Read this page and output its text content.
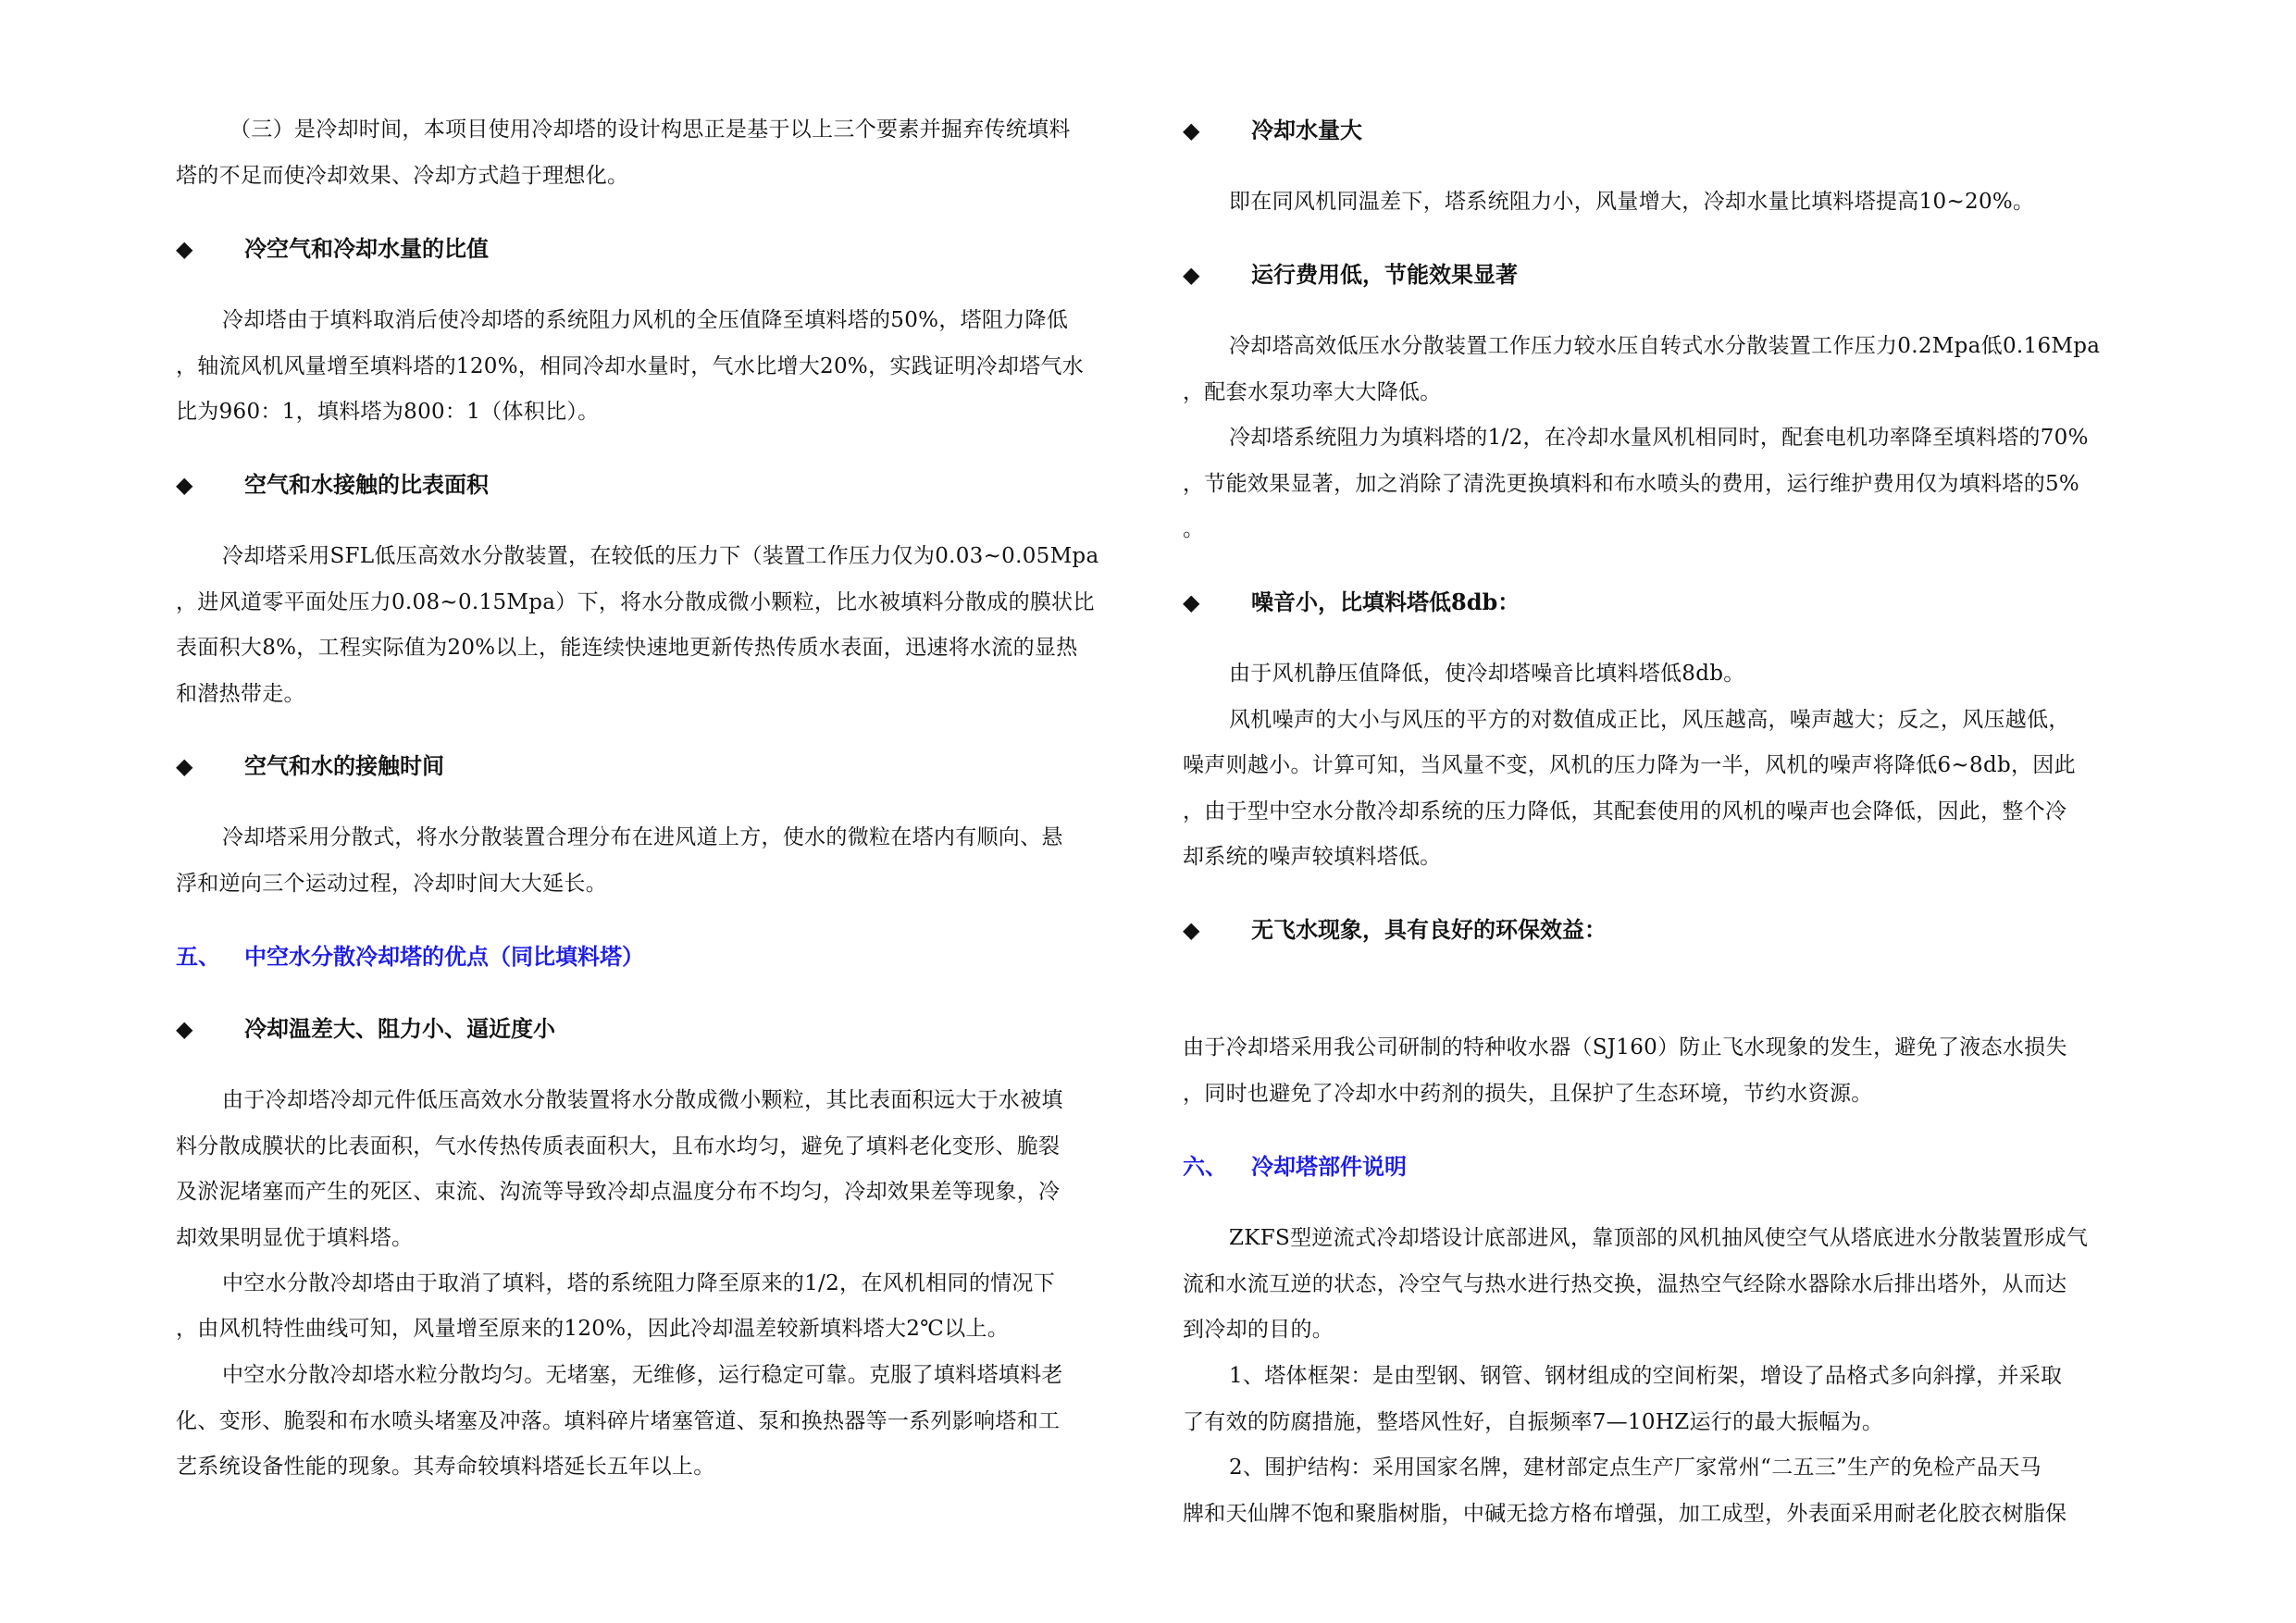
（三）是冷却时间，本项目使用冷却塔的设计构思正是基于以上三个要素并掘弃传统填料
塔的不足而使冷却效果、冷却方式趋于理想化。
◆ 冷空气和冷却水量的比值
冷却塔由于填料取消后使冷却塔的系统阻力风机的全压值降至填料塔的50%，塔阻力降低
，轴流风机风量增至填料塔的120%，相同冷却水量时，气水比增大20%，实践证明冷却塔气水
比为960：1，填料塔为800：1（体积比）。
◆ 空气和水接触的比表面积
冷却塔采用SFL低压高效水分散装置，在较低的压力下（装置工作压力仅为0.03~0.05Mpa
，进风道零平面处压力0.08~0.15Mpa）下，将水分散成微小颗粒，比水被填料分散成的膜状比
表面积大8%，工程实际值为20%以上，能连续快速地更新传热传质水表面，迅速将水流的显热
和潜热带走。
◆ 空气和水的接触时间
冷却塔采用分散式，将水分散装置合理分布在进风道上方，使水的微粒在塔内有顺向、悬
浮和逆向三个运动过程，冷却时间大大延长。
五、 中空水分散冷却塔的优点（同比填料塔）
◆ 冷却温差大、阻力小、逼近度小
由于冷却塔冷却元件低压高效水分散装置将水分散成微小颗粒，其比表面积远大于水被填
料分散成膜状的比表面积，气水传热传质表面积大，且布水均匀，避免了填料老化变形、脆裂
及淤泥堵塞而产生的死区、束流、沟流等导致冷却点温度分布不均匀，冷却效果差等现象，冷
却效果明显优于填料塔。
中空水分散冷却塔由于取消了填料，塔的系统阻力降至原来的1/2，在风机相同的情况下
，由风机特性曲线可知，风量增至原来的120%，因此冷却温差较新填料塔大2℃以上。
中空水分散冷却塔水粒分散均匀。无堵塞，无维修，运行稳定可靠。克服了填料塔填料老
化、变形、脆裂和布水喷头堵塞及冲落。填料碎片堵塞管道、泵和换热器等一系列影响塔和工
艺系统设备性能的现象。其寿命较填料塔延长五年以上。
◆ 冷却水量大
即在同风机同温差下，塔系统阻力小，风量增大，冷却水量比填料塔提高10~20%。
◆ 运行费用低，节能效果显著
冷却塔高效低压水分散装置工作压力较水压自转式水分散装置工作压力0.2Mpa低0.16Mpa
，配套水泵功率大大降低。
冷却塔系统阻力为填料塔的1/2，在冷却水量风机相同时，配套电机功率降至填料塔的70%
，节能效果显著，加之消除了清洗更换填料和布水喷头的费用，运行维护费用仅为填料塔的5%
。
◆ 噪音小，比填料塔低8db：
由于风机静压值降低，使冷却塔噪音比填料塔低8db。
风机噪声的大小与风压的平方的对数值成正比，风压越高，噪声越大；反之，风压越低，
噪声则越小。计算可知，当风量不变，风机的压力降为一半，风机的噪声将降低6~8db，因此
，由于型中空水分散冷却系统的压力降低，其配套使用的风机的噪声也会降低，因此，整个冷
却系统的噪声较填料塔低。
◆ 无飞水现象，具有良好的环保效益：
由于冷却塔采用我公司研制的特种收水器（SJ160）防止飞水现象的发生，避免了液态水损失
，同时也避免了冷却水中药剂的损失，且保护了生态环境，节约水资源。
六、 冷却塔部件说明
ZKFS型逆流式冷却塔设计底部进风，靠顶部的风机抽风使空气从塔底进水分散装置形成气
流和水流互逆的状态，冷空气与热水进行热交换，温热空气经除水器除水后排出塔外，从而达
到冷却的目的。
1、塔体框架：是由型钢、钢管、钢材组成的空间桁架，增设了品格式多向斜撑，并采取
了有效的防腐措施，整塔风性好，自振频率7—10HZ运行的最大振幅为。
2、围护结构：采用国家名牌，建材部定点生产厂家常州“二五三”生产的免检产品天马
牌和天仙牌不饱和聚脂树脂，中碱无捻方格布增强，加工成型，外表面采用耐老化胶衣树脂保
